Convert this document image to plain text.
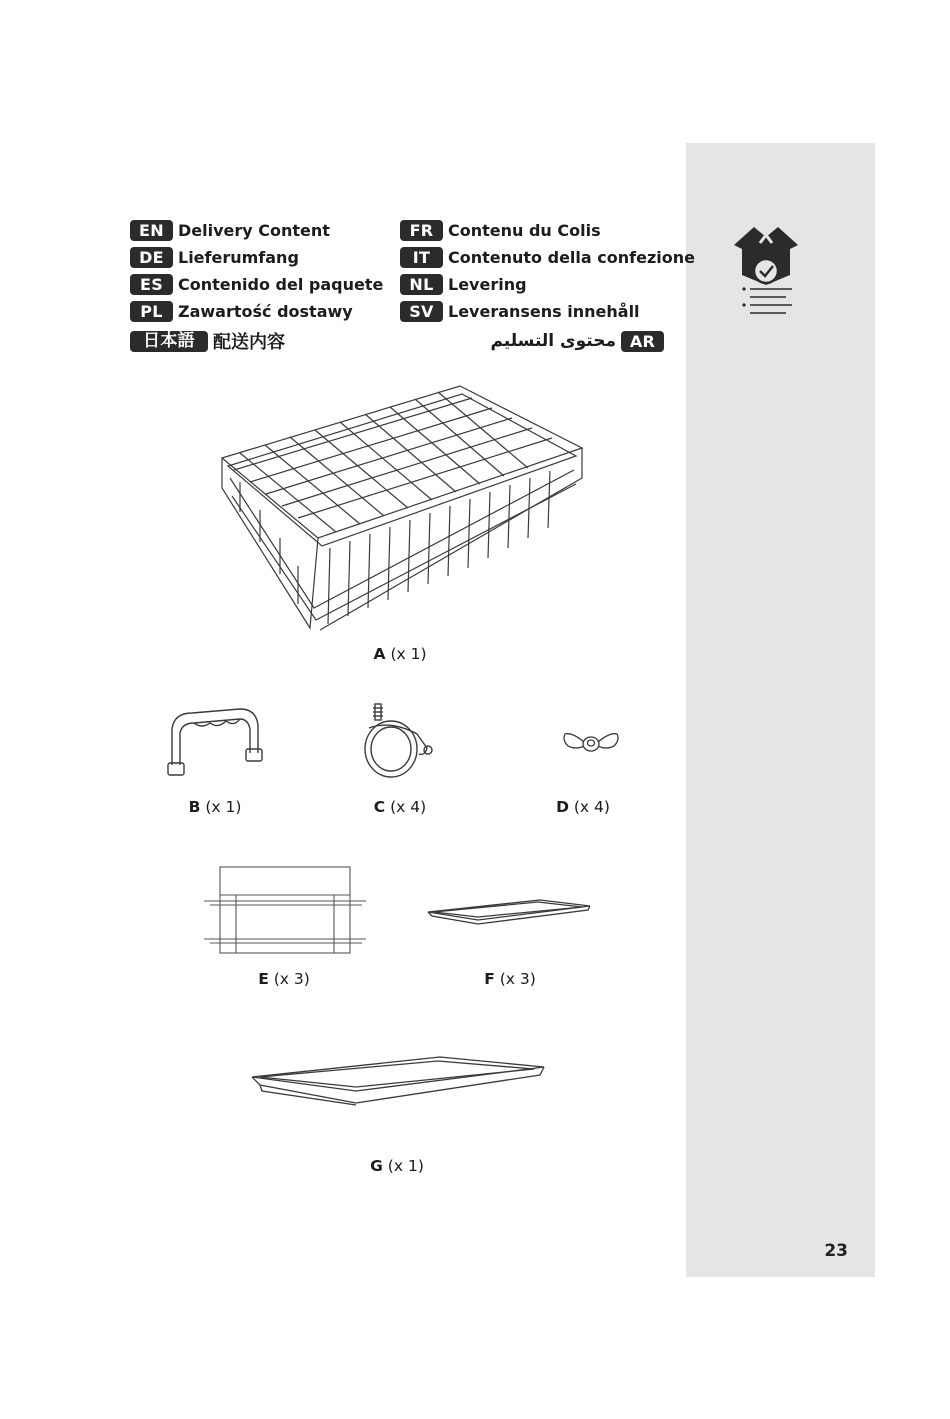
23
EN Delivery Content
DE Lieferumfang
ES Contenido del paquete
PL Zawartość dostawy
日本語	配送内容
FR Contenu du Colis
IT	Contenuto della confezione
NL Levering
SV Leveransens innehåll
محتوى التسليم AR
A (x 1)
B (x 1)	C (x 4)	D (x 4)
E (x 3)	F (x 3)
G (x 1)
